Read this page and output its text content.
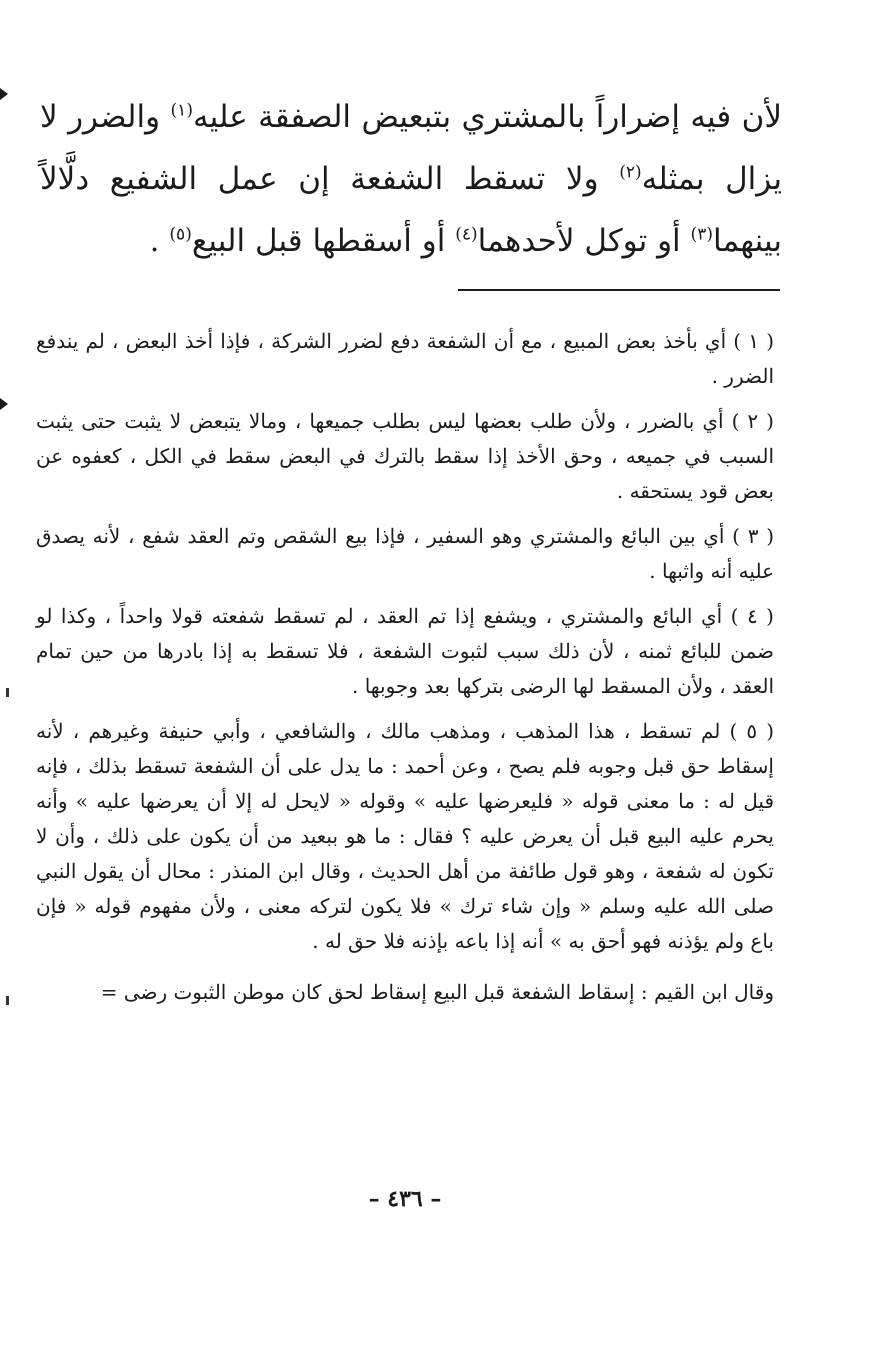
لأن فيه إضراراً بالمشتري بتبعيض الصفقة عليه$^{(١)}$ والضرر لا يزال بمثله$^{(٢)}$ ولا تسقط الشفعة إن عمل الشفيع دلَّالاً بينهما$^{(٣)}$ أو توكل لأحدهما$^{(٤)}$ أو أسقطها قبل البيع$^{(٥)}$ .

( ١ ) أي بأخذ بعض المبيع ، مع أن الشفعة دفع لضرر الشركة ، فإذا أخذ البعض ، لم يندفع الضرر .

( ٢ ) أي بالضرر ، ولأن طلب بعضها ليس بطلب جميعها ، ومالا يتبعض لا يثبت حتى يثبت السبب في جميعه ، وحق الأخذ إذا سقط بالترك في البعض سقط في الكل ، كعفوه عن بعض قود يستحقه .

( ٣ ) أي بين البائع والمشتري وهو السفير ، فإذا بيع الشقص وتم العقد شفع ، لأنه يصدق عليه أنه واثبها .

( ٤ ) أي البائع والمشتري ، ويشفع إذا تم العقد ، لم تسقط شفعته قولا واحداً ، وكذا لو ضمن للبائع ثمنه ، لأن ذلك سبب لثبوت الشفعة ، فلا تسقط به إذا بادرها من حين تمام العقد ، ولأن المسقط لها الرضى بتركها بعد وجوبها .

( ٥ ) لم تسقط ، هذا المذهب ، ومذهب مالك ، والشافعي ، وأبي حنيفة وغيرهم ، لأنه إسقاط حق قبل وجوبه فلم يصح ، وعن أحمد : ما يدل على أن الشفعة تسقط بذلك ، فإنه قيل له : ما معنى قوله « فليعرضها عليه » وقوله « لايحل له إلا أن يعرضها عليه » وأنه يحرم عليه البيع قبل أن يعرض عليه ؟ فقال : ما هو ببعيد من أن يكون على ذلك ، وأن لا تكون له شفعة ، وهو قول طائفة من أهل الحديث ، وقال ابن المنذر : محال أن يقول النبي صلى الله عليه وسلم « وإن شاء ترك » فلا يكون لتركه معنى ، ولأن مفهوم قوله « فإن باع ولم يؤذنه فهو أحق به » أنه إذا باعه بإذنه فلا حق له .

وقال ابن القيم : إسقاط الشفعة قبل البيع إسقاط لحق كان موطن الثبوت رضى =

– ٤٣٦ –
